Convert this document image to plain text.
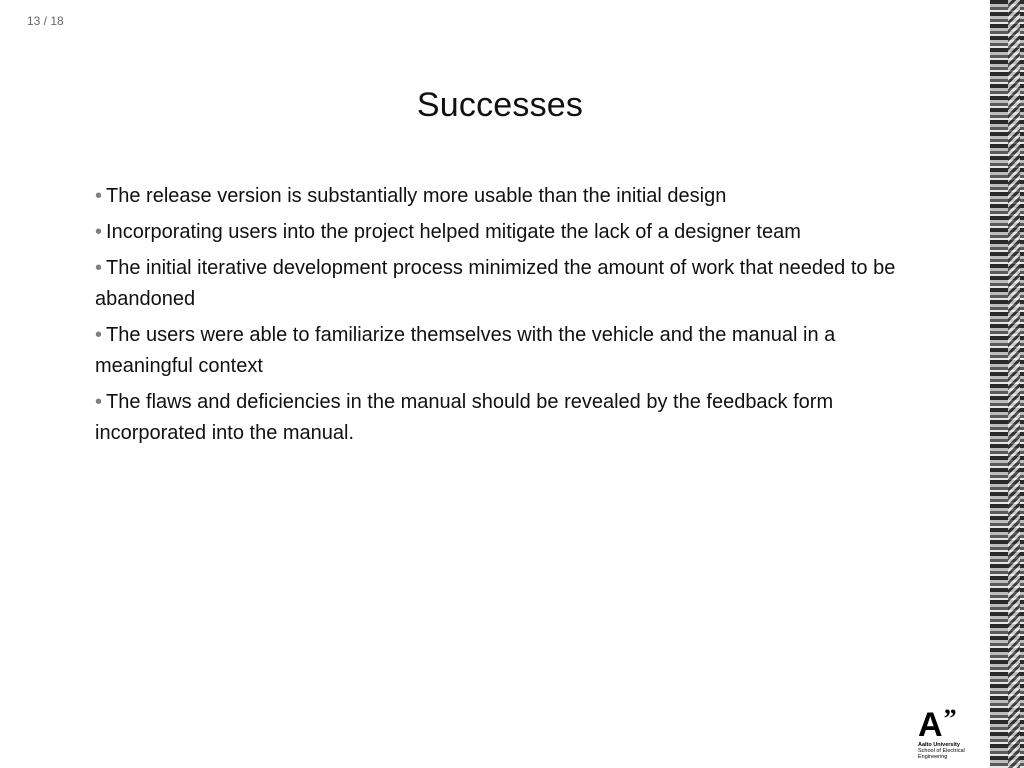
13 / 18
Successes
• The release version is substantially more usable than the initial design
• Incorporating users into the project helped mitigate the lack of a designer team
• The initial iterative development process minimized the amount of work that needed to be abandoned
• The users were able to familiarize themselves with the vehicle and the manual in a meaningful context
• The flaws and deficiencies in the manual should be revealed by the feedback form incorporated into the manual.
A ”
Aalto University
School of Electrical
Engineering
